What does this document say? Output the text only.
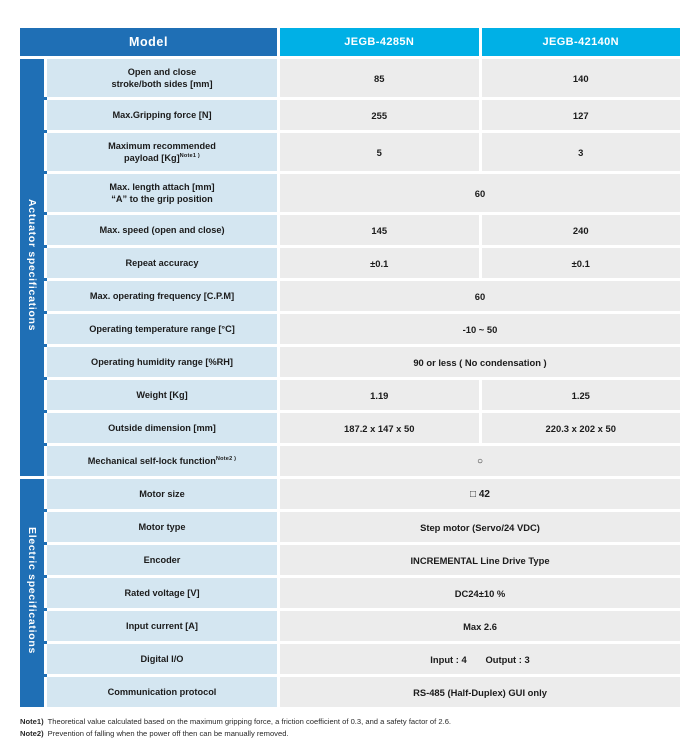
Model				JEGB-4285N		JEGB-42140N

Actuator specifications		Open and close
stroke/both sides [mm]		85		140

		Max.Gripping force [N]		255		127

		Maximum recommended
payload $[Kg]^{Note1 )}$		5		3

		Max. length attach [mm]
“A” to the grip position		60		

		Max. speed (open and close)		145		240

		Repeat accuracy		±0.1		±0.1

		Max. operating frequency [C.P.M]		60		

		Operating temperature range [°C]		-10 ~ 50		

		Operating humidity range [%RH]		90 or less ( No condensation )		

		Weight [Kg]		1.19		1.25

		Outside dimension [mm]		187.2 x 147 x 50		220.3 x 202 x 50

		Mechanical self-lock function$^{Note2 )}$		○		

Electric specifications		Motor size		□ 42		

		Motor type		Step motor (Servo/24 VDC)		

		Encoder		INCREMENTAL Line Drive Type		

		Rated voltage [V]		DC24±10 %		

		Input current [A]		Max 2.6		

		Digital I/O		Input : 4  Output : 3		

		Communication protocol		RS-485 (Half-Duplex) GUI only		
Note1) Theoretical value calculated based on the maximum gripping force, a friction coefficient of 0.3, and a safety factor of 2.6.
Note2) Prevention of falling when the power off then can be manually removed.
